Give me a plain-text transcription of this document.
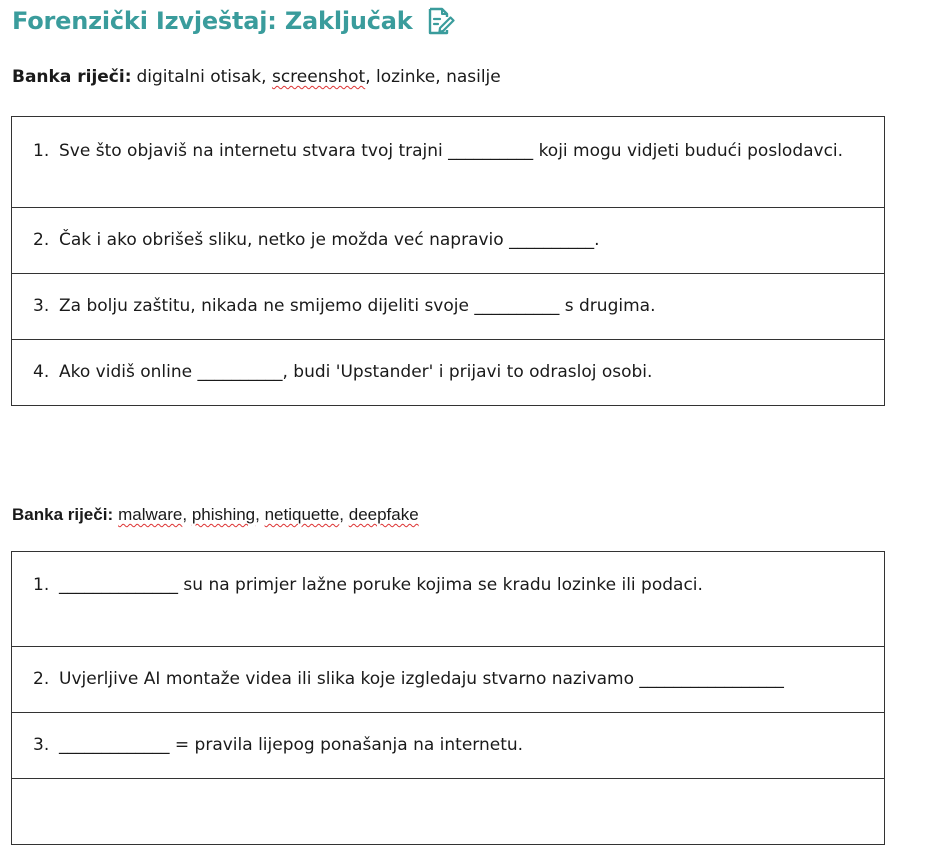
Forenzički Izvještaj: Zaključak
Banka riječi: digitalni otisak , screenshot , lozinke , nasilje
1. Sve što objaviš na internetu stvara tvoj trajni __________ koji mogu vidjeti budući poslodavci.

2. Čak i ako obrišeš sliku, netko je možda već napravio __________.

3. Za bolju zaštitu, nikada ne smijemo dijeliti svoje __________ s drugima.

4. Ako vidiš online __________, budi 'Upstander' i prijavi to odrasloj osobi.
Banka riječi: malware , phishing , netiquette , deepfake
1. ______________ su na primjer lažne poruke kojima se kradu lozinke ili podaci.

2. Uvjerljive AI montaže videa ili slika koje izgledaju stvarno nazivamo _________________

3. _____________ = pravila lijepog ponašanja na internetu.
